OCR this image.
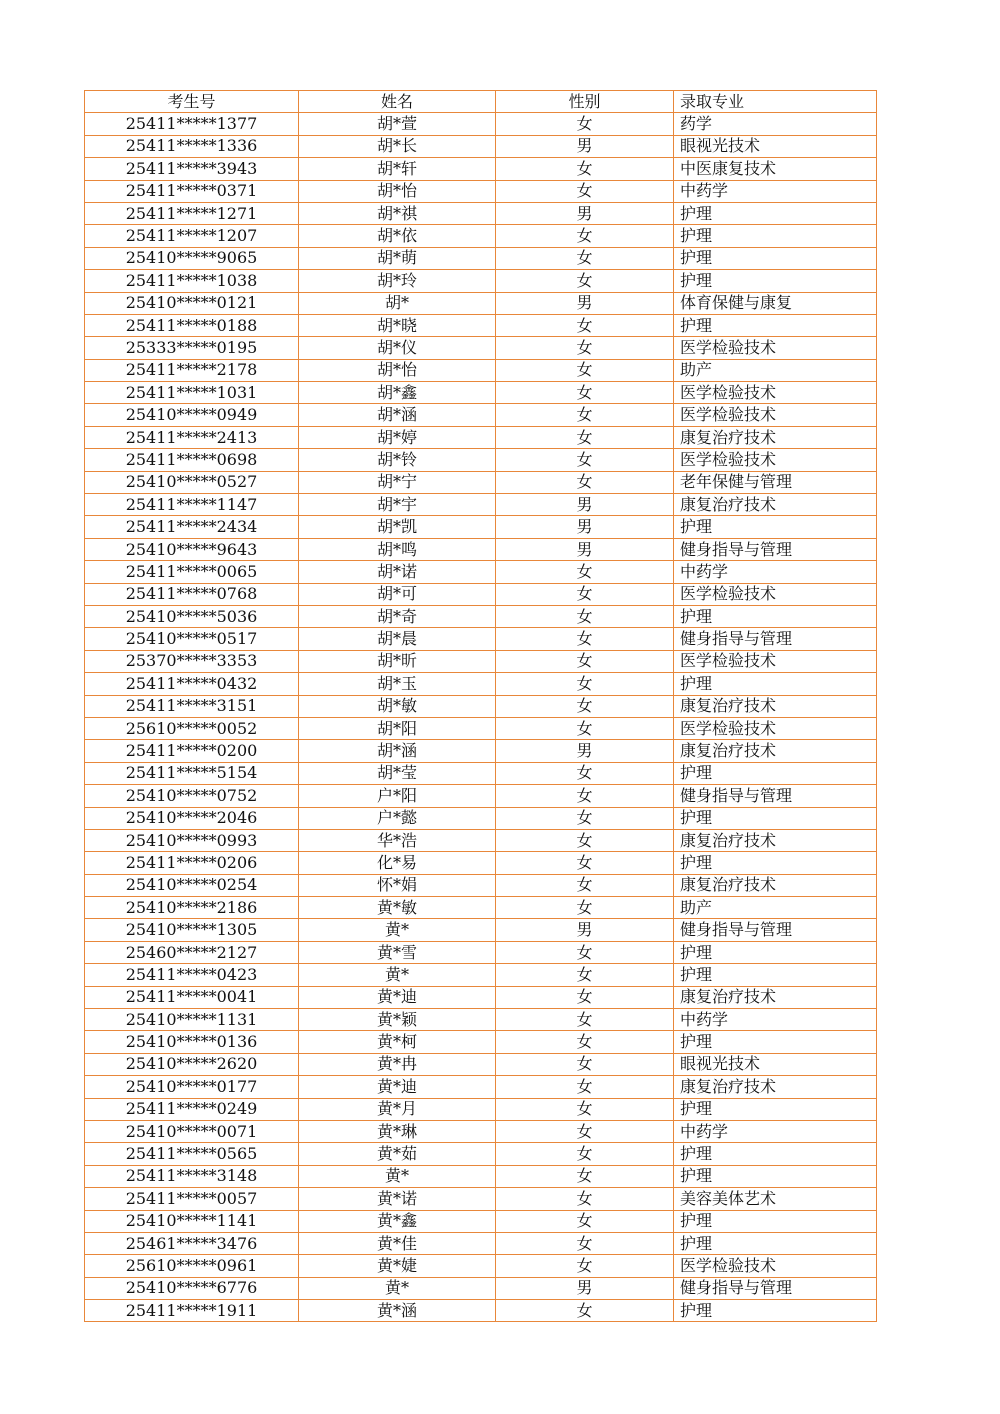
考生号	姓名	性别	录取专业
25411*****1377	胡*萱	女	药学
25411*****1336	胡*长	男	眼视光技术
25411*****3943	胡*轩	女	中医康复技术
25411*****0371	胡*怡	女	中药学
25411*****1271	胡*祺	男	护理
25411*****1207	胡*依	女	护理
25410*****9065	胡*萌	女	护理
25411*****1038	胡*玲	女	护理
25410*****0121	胡*	男	体育保健与康复
25411*****0188	胡*晓	女	护理
25333*****0195	胡*仪	女	医学检验技术
25411*****2178	胡*怡	女	助产
25411*****1031	胡*鑫	女	医学检验技术
25410*****0949	胡*涵	女	医学检验技术
25411*****2413	胡*婷	女	康复治疗技术
25411*****0698	胡*铃	女	医学检验技术
25410*****0527	胡*宁	女	老年保健与管理
25411*****1147	胡*宇	男	康复治疗技术
25411*****2434	胡*凯	男	护理
25410*****9643	胡*鸣	男	健身指导与管理
25411*****0065	胡*诺	女	中药学
25411*****0768	胡*可	女	医学检验技术
25410*****5036	胡*奇	女	护理
25410*****0517	胡*晨	女	健身指导与管理
25370*****3353	胡*昕	女	医学检验技术
25411*****0432	胡*玉	女	护理
25411*****3151	胡*敏	女	康复治疗技术
25610*****0052	胡*阳	女	医学检验技术
25411*****0200	胡*涵	男	康复治疗技术
25411*****5154	胡*莹	女	护理
25410*****0752	户*阳	女	健身指导与管理
25410*****2046	户*懿	女	护理
25410*****0993	华*浩	女	康复治疗技术
25411*****0206	化*易	女	护理
25410*****0254	怀*娟	女	康复治疗技术
25410*****2186	黄*敏	女	助产
25410*****1305	黄*	男	健身指导与管理
25460*****2127	黄*雪	女	护理
25411*****0423	黄*	女	护理
25411*****0041	黄*迪	女	康复治疗技术
25410*****1131	黄*颖	女	中药学
25410*****0136	黄*柯	女	护理
25410*****2620	黄*冉	女	眼视光技术
25410*****0177	黄*迪	女	康复治疗技术
25411*****0249	黄*月	女	护理
25410*****0071	黄*琳	女	中药学
25411*****0565	黄*茹	女	护理
25411*****3148	黄*	女	护理
25411*****0057	黄*诺	女	美容美体艺术
25410*****1141	黄*鑫	女	护理
25461*****3476	黄*佳	女	护理
25610*****0961	黄*婕	女	医学检验技术
25410*****6776	黄*	男	健身指导与管理
25411*****1911	黄*涵	女	护理
